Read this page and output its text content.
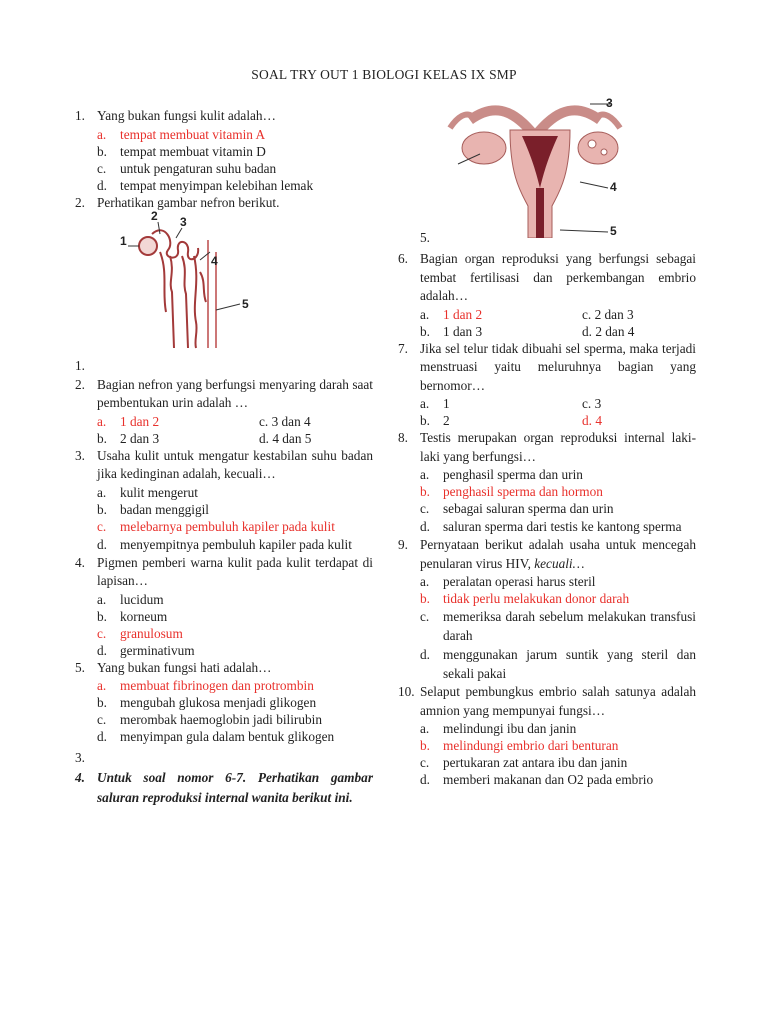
SOAL TRY OUT 1 BIOLOGI KELAS IX SMP
1. Yang bukan fungsi kulit adalah…
a. tempat membuat vitamin A
b. tempat membuat vitamin D
c. untuk pengaturan suhu badan
d. tempat menyimpan kelebihan lemak
2. Perhatikan gambar nefron berikut.
1
2 3
4
5
1.

2. Bagian nefron yang berfungsi menyaring darah saat pembentukan urin adalah …
a. 1 dan 2	c. 3 dan 4
b. 2 dan 3	d. 4 dan 5
3. Usaha kulit untuk mengatur kestabilan suhu badan jika kedinginan adalah, kecuali…
a. kulit mengerut
b. badan menggigil
c. melebarnya pembuluh kapiler pada kulit
d. menyempitnya pembuluh kapiler pada kulit
4. Pigmen pemberi warna kulit pada kulit terdapat di lapisan…
a. lucidum
b. korneum
c. granulosum
d. germinativum
5. Yang bukan fungsi hati adalah…
a. membuat fibrinogen dan protrombin
b. mengubah glukosa menjadi glikogen
c. merombak haemoglobin jadi bilirubin
d. menyimpan gula dalam bentuk glikogen
3.

4. Untuk soal nomor 6-7. Perhatikan gambar saluran reproduksi internal wanita berikut ini.
3
4
5
5.
6. Bagian organ reproduksi yang berfungsi sebagai tembat fertilisasi dan perkembangan embrio adalah…
a. 1 dan 2	c. 2 dan 3
b. 1 dan 3	d. 2 dan 4
7. Jika sel telur tidak dibuahi sel sperma, maka terjadi menstruasi yaitu meluruhnya bagian yang bernomor…
a. 1	c. 3
b. 2	d. 4
8. Testis merupakan organ reproduksi internal laki-laki yang berfungsi…
a. penghasil sperma dan urin
b. penghasil sperma dan hormon
c. sebagai saluran sperma dan urin
d. saluran sperma dari testis ke kantong sperma
9. Pernyataan berikut adalah usaha untuk mencegah penularan virus HIV, kecuali…
a. peralatan operasi harus steril
b. tidak perlu melakukan donor darah
c. memeriksa darah sebelum melakukan transfusi darah
d. menggunakan jarum suntik yang steril dan sekali pakai
10. Selaput pembungkus embrio salah satunya adalah amnion yang mempunyai fungsi…
a. melindungi ibu dan janin
b. melindungi embrio dari benturan
c. pertukaran zat antara ibu dan janin
d. memberi makanan dan O2 pada embrio
